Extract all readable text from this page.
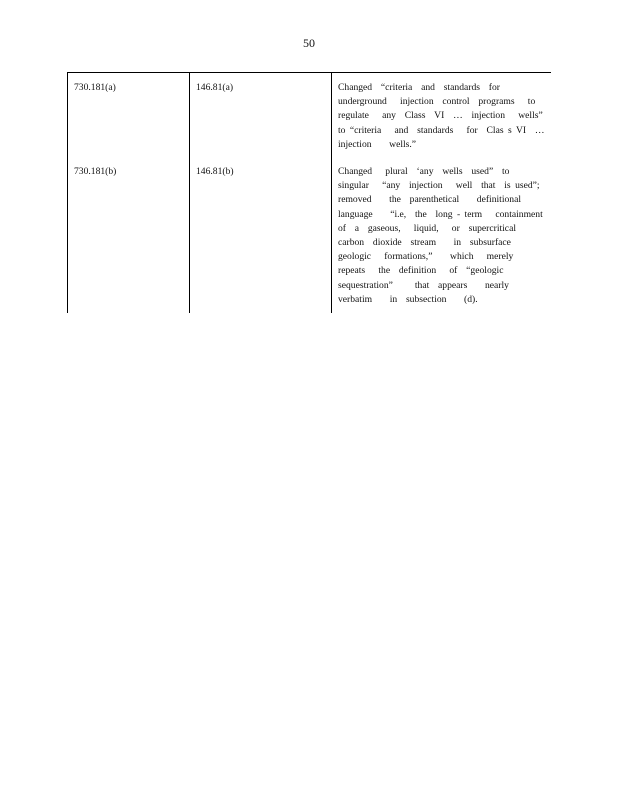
50
730.181(a)	146.81(a)	Changed  “criteria  and  standards  for
underground   injection  control  programs   to
regulate   any  Class  VI  …  injection   wells”
to “criteria   and  standards   for  Clas s VI  …
injection    wells.”
730.181(b)	146.81(b)	Changed   plural  ‘any  wells  used”  to
singular   “any  injection   well  that  is used”;
removed    the  parenthetical    definitional
language    “i.e,  the  long - term   containment
of  a  gaseous,   liquid,   or  supercritical
carbon  dioxide  stream    in  subsurface
geologic   formations,”    which   merely
repeats   the  definition   of  “geologic
sequestration”     that  appears    nearly
verbatim    in  subsection    (d).
